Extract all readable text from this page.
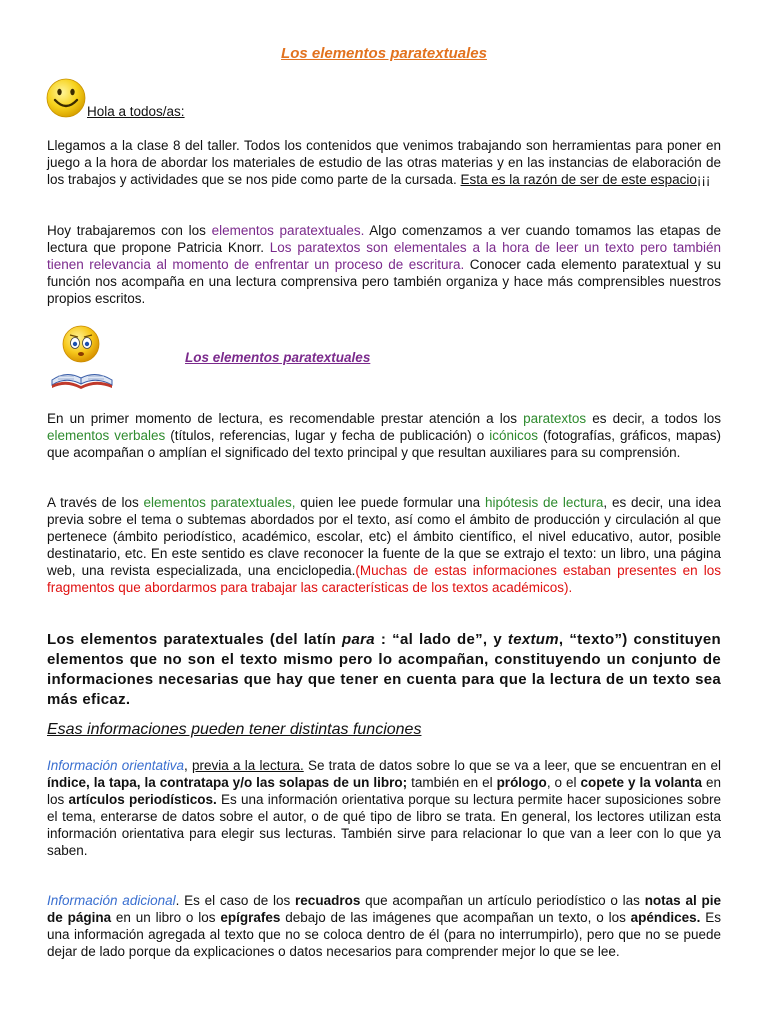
Los elementos paratextuales
Hola a todos/as:
Llegamos a la clase 8 del taller. Todos los contenidos que venimos trabajando son herramientas para poner en juego a la hora de abordar los materiales de estudio de las otras materias y en las instancias de elaboración de los trabajos y actividades que se nos pide como parte de la cursada. Esta es la razón de ser de este espacio¡¡¡
Hoy trabajaremos con los elementos paratextuales. Algo comenzamos a ver cuando tomamos las etapas de lectura que propone Patricia Knorr. Los paratextos son elementales a la hora de leer un texto pero también tienen relevancia al momento de enfrentar un proceso de escritura. Conocer cada elemento paratextual y su función nos acompaña en una lectura comprensiva pero también organiza y hace más comprensibles nuestros propios escritos.
Los elementos paratextuales
En un primer momento de lectura, es recomendable prestar atención a los paratextos es decir, a todos los elementos verbales (títulos, referencias, lugar y fecha de publicación) o icónicos (fotografías, gráficos, mapas) que acompañan o amplían el significado del texto principal y que resultan auxiliares para su comprensión.
A través de los elementos paratextuales, quien lee puede formular una hipótesis de lectura, es decir, una idea previa sobre el tema o subtemas abordados por el texto, así como el ámbito de producción y circulación al que pertenece (ámbito periodístico, académico, escolar, etc) el ámbito científico, el nivel educativo, autor, posible destinatario, etc. En este sentido es clave reconocer la fuente de la que se extrajo el texto: un libro, una página web, una revista especializada, una enciclopedia.(Muchas de estas informaciones estaban presentes en los fragmentos que abordarmos para trabajar las características de los textos académicos).
Los elementos paratextuales (del latín para : “al lado de”, y textum, “texto”) constituyen elementos que no son el texto mismo pero lo acompañan, constituyendo un conjunto de informaciones necesarias que hay que tener en cuenta para que la lectura de un texto sea más eficaz.
Esas informaciones pueden tener distintas funciones
Información orientativa, previa a la lectura. Se trata de datos sobre lo que se va a leer, que se encuentran en el índice, la tapa, la contratapa y/o las solapas de un libro; también en el prólogo, o el copete y la volanta en los artículos periodísticos. Es una información orientativa porque su lectura permite hacer suposiciones sobre el tema, enterarse de datos sobre el autor, o de qué tipo de libro se trata. En general, los lectores utilizan esta información orientativa para elegir sus lecturas. También sirve para relacionar lo que van a leer con lo que ya saben.
Información adicional. Es el caso de los recuadros que acompañan un artículo periodístico o las notas al pie de página en un libro o los epígrafes debajo de las imágenes que acompañan un texto, o los apéndices. Es una información agregada al texto que no se coloca dentro de él (para no interrumpirlo), pero que no se puede dejar de lado porque da explicaciones o datos necesarios para comprender mejor lo que se lee.
